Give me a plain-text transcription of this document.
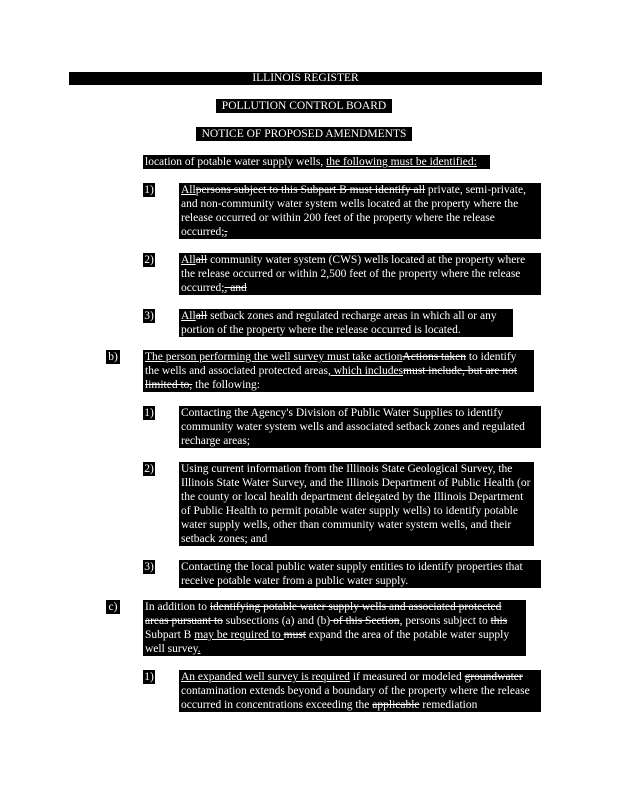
ILLINOIS REGISTER
POLLUTION CONTROL BOARD
NOTICE OF PROPOSED AMENDMENTS
location of potable water supply wells, the following must be identified:
1) Allpersons subject to this Subpart B must identify all private, semi-private, and non-community water system wells located at the property where the release occurred or within 200 feet of the property where the release occurred;,
2) Allall community water system (CWS) wells located at the property where the release occurred or within 2,500 feet of the property where the release occurred;, and
3) Allall setback zones and regulated recharge areas in which all or any portion of the property where the release occurred is located.
b) The person performing the well survey must take actionActions taken to identify the wells and associated protected areas, which includesmust include, but are not limited to, the following:
1) Contacting the Agency's Division of Public Water Supplies to identify community water system wells and associated setback zones and regulated recharge areas;
2) Using current information from the Illinois State Geological Survey, the Illinois State Water Survey, and the Illinois Department of Public Health (or the county or local health department delegated by the Illinois Department of Public Health to permit potable water supply wells) to identify potable water supply wells, other than community water system wells, and their setback zones; and
3) Contacting the local public water supply entities to identify properties that receive potable water from a public water supply.
c) In addition to identifying potable water supply wells and associated protected areas pursuant to subsections (a) and (b) of this Section, persons subject to this Subpart B may be required to must expand the area of the potable water supply well survey.
1) An expanded well survey is required if measured or modeled groundwater contamination extends beyond a boundary of the property where the release occurred in concentrations exceeding the applicable remediation
